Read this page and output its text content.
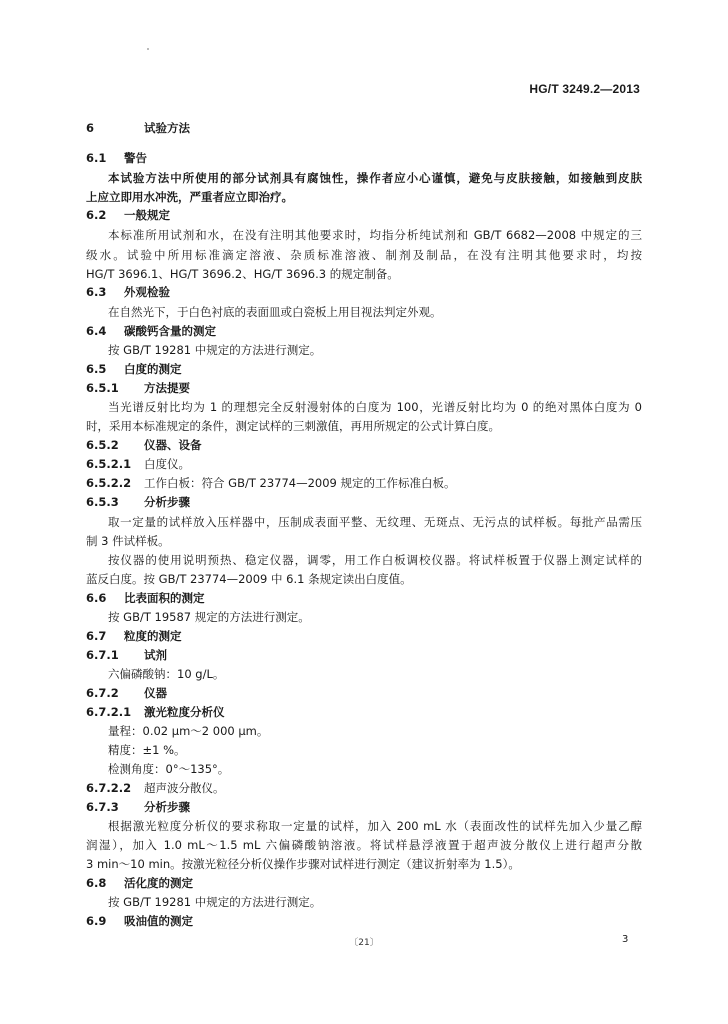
HG/T 3249.2—2013
6	试验方法
6.1 警告
本试验方法中所使用的部分试剂具有腐蚀性，操作者应小心谨慎，避免与皮肤接触，如接触到皮肤
上应立即用水冲洗，严重者应立即治疗。
6.2 一般规定
本标准所用试剂和水，在没有注明其他要求时，均指分析纯试剂和 GB/T 6682—2008 中规定的三
级水。试验中所用标准滴定溶液、杂质标准溶液、制剂及制品，在没有注明其他要求时，均按
HG/T 3696.1、HG/T 3696.2、HG/T 3696.3 的规定制备。
6.3 外观检验
在自然光下，于白色衬底的表面皿或白瓷板上用目视法判定外观。
6.4 碳酸钙含量的测定
按 GB/T 19281 中规定的方法进行测定。
6.5 白度的测定
6.5.1 方法提要
当光谱反射比均为 1 的理想完全反射漫射体的白度为 100，光谱反射比均为 0 的绝对黑体白度为 0
时，采用本标准规定的条件，测定试样的三刺激值，再用所规定的公式计算白度。
6.5.2 仪器、设备
6.5.2.1 白度仪。
6.5.2.2 工作白板：符合 GB/T 23774—2009 规定的工作标准白板。
6.5.3 分析步骤
取一定量的试样放入压样器中，压制成表面平整、无纹理、无斑点、无污点的试样板。每批产品需压
制 3 件试样板。
按仪器的使用说明预热、稳定仪器，调零，用工作白板调校仪器。将试样板置于仪器上测定试样的
蓝反白度。按 GB/T 23774—2009 中 6.1 条规定读出白度值。
6.6 比表面积的测定
按 GB/T 19587 规定的方法进行测定。
6.7 粒度的测定
6.7.1 试剂
六偏磷酸钠：10 g/L。
6.7.2 仪器
6.7.2.1 激光粒度分析仪
量程：0.02 μm～2 000 μm。
精度：±1 %。
检测角度：0°～135°。
6.7.2.2 超声波分散仪。
6.7.3 分析步骤
根据激光粒度分析仪的要求称取一定量的试样，加入 200 mL 水（表面改性的试样先加入少量乙醇
润湿），加入 1.0 mL～1.5 mL 六偏磷酸钠溶液。将试样悬浮液置于超声波分散仪上进行超声分散
3 min～10 min。按激光粒径分析仪操作步骤对试样进行测定（建议折射率为 1.5）。
6.8 活化度的测定
按 GB/T 19281 中规定的方法进行测定。
6.9 吸油值的测定
〔21〕	3
